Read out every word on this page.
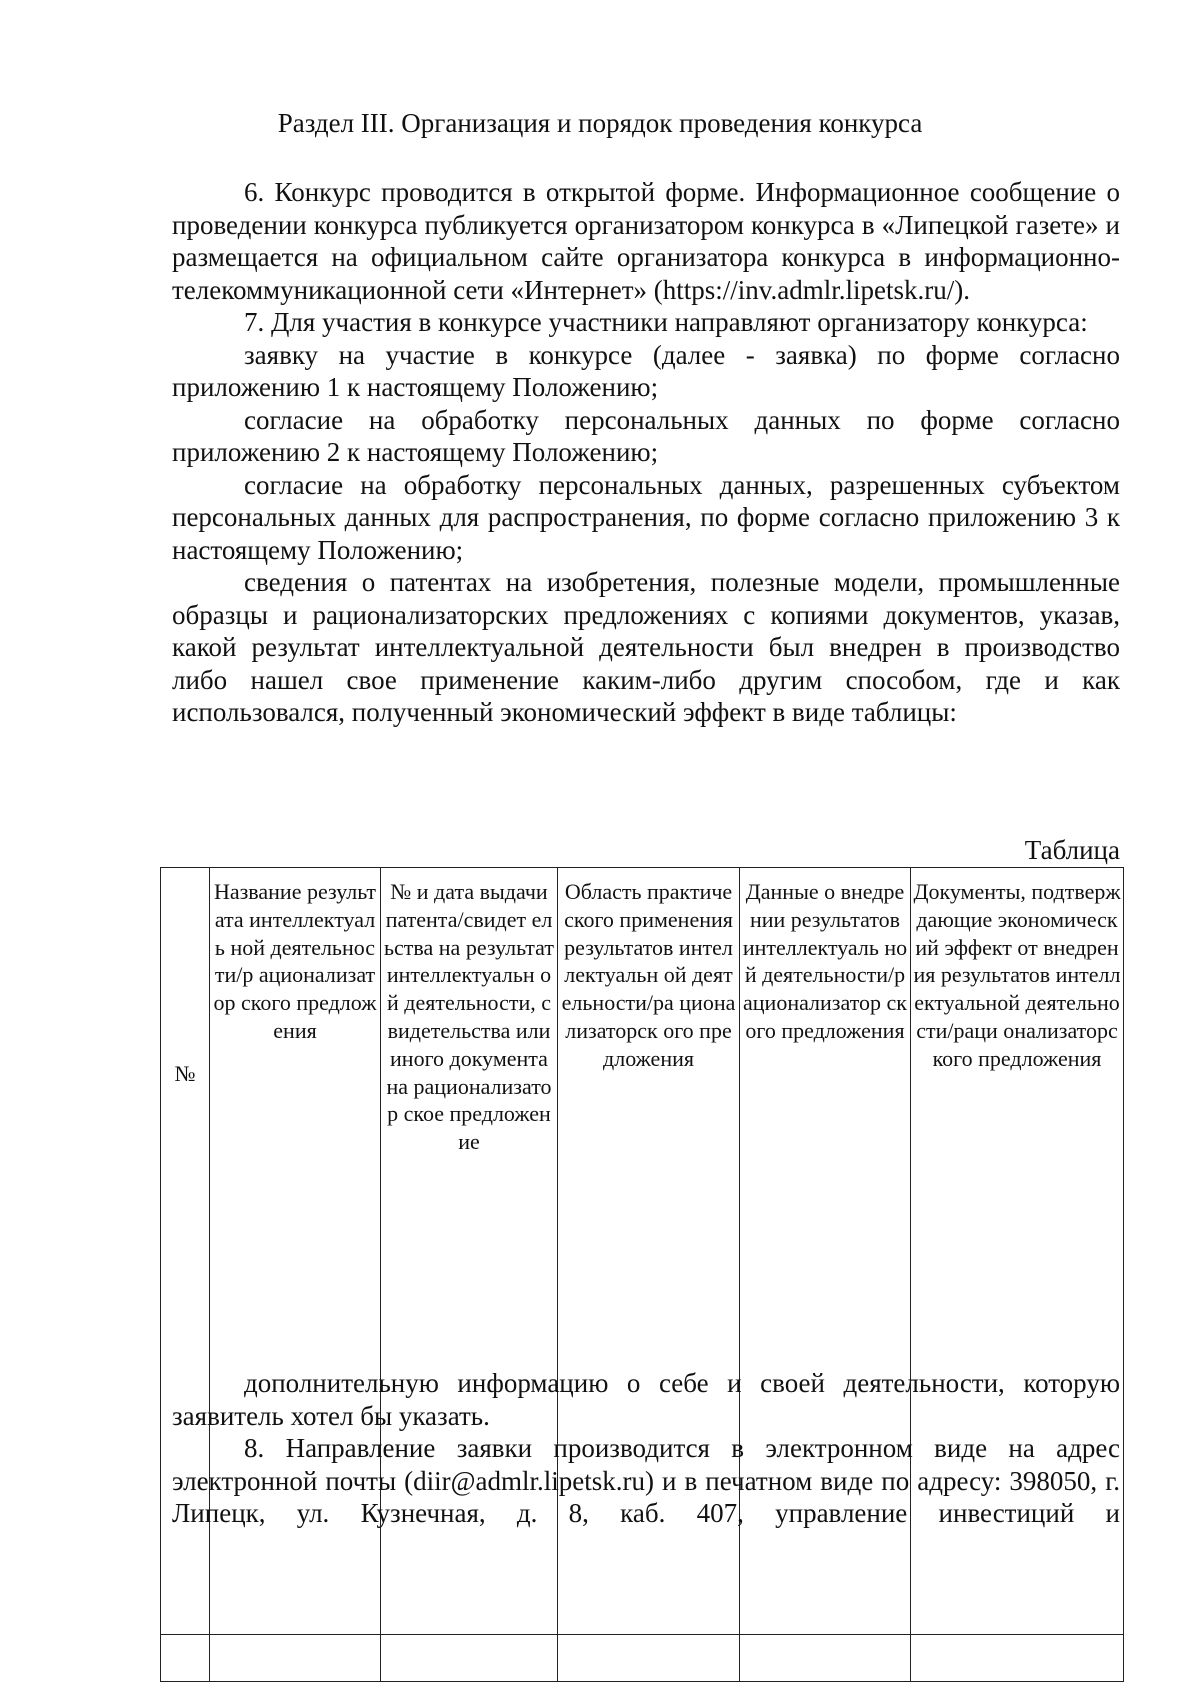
Раздел III. Организация и порядок проведения конкурса

6. Конкурс проводится в открытой форме. Информационное сообщение о проведении конкурса публикуется организатором конкурса в «Липецкой газете» и размещается на официальном сайте организатора конкурса в информационно-телекоммуникационной сети «Интернет» (https://inv.admlr.lipetsk.ru/).

7. Для участия в конкурсе участники направляют организатору конкурса:

заявку на участие в конкурсе (далее - заявка) по форме согласно приложению 1 к настоящему Положению;

согласие на обработку персональных данных по форме согласно приложению 2 к настоящему Положению;

согласие на обработку персональных данных, разрешенных субъектом персональных данных для распространения, по форме согласно приложению 3 к настоящему Положению;

сведения о патентах на изобретения, полезные модели, промышленные образцы и рационализаторских предложениях с копиями документов, указав, какой результат интеллектуальной деятельности был внедрен в производство либо нашел свое применение каким-либо другим способом, где и как использовался, полученный экономический эффект в виде таблицы:

Таблица
№	Название результата интеллектуаль ной деятельности/р ационализатор ского предложения	№ и дата выдачи патента/свидет ельства на результат интеллектуальн ой деятельности, свидетельства или иного документа на рационализатор ское предложение	Область практического применения результатов интеллектуальн ой деятельности/ра ционализаторск ого предложения	Данные о внедрении результатов интеллектуаль ной деятельности/р ационализатор ского предложения	Документы, подтверждающие экономический эффект от внедрения результатов интеллектуальной деятельности/раци онализаторского предложения

дополнительную информацию о себе и своей деятельности, которую заявитель хотел бы указать.

8. Направление заявки производится в электронном виде на адрес электронной почты (diir@admlr.lipetsk.ru) и в печатном виде по адресу: 398050, г. Липецк, ул. Кузнечная, д. 8, каб. 407, управление инвестиций и
